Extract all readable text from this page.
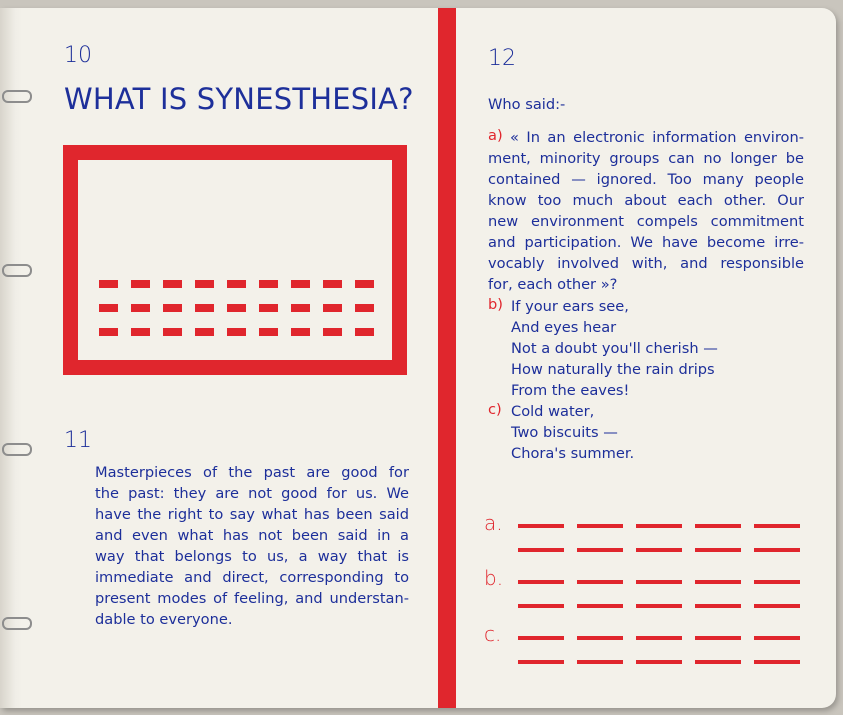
10
WHAT IS SYNESTHESIA?
11
Masterpieces of the past are good for
the past: they are not good for us. We
have the right to say what has been said
and even what has not been said in a
way that belongs to us, a way that is
immediate and direct, corresponding to
present modes of feeling, and understan-
dable to everyone.
12
Who said:-
a) « In an electronic information environ-
ment, minority groups can no longer be
contained — ignored. Too many people
know too much about each other. Our
new environment compels commitment
and participation. We have become irre-
vocably involved with, and responsible
for, each other »?
b) If your ears see,
And eyes hear
Not a doubt you'll cherish —
How naturally the rain drips
From the eaves!
c) Cold water,
Two biscuits —
Chora's summer.
a.
b.
c.
